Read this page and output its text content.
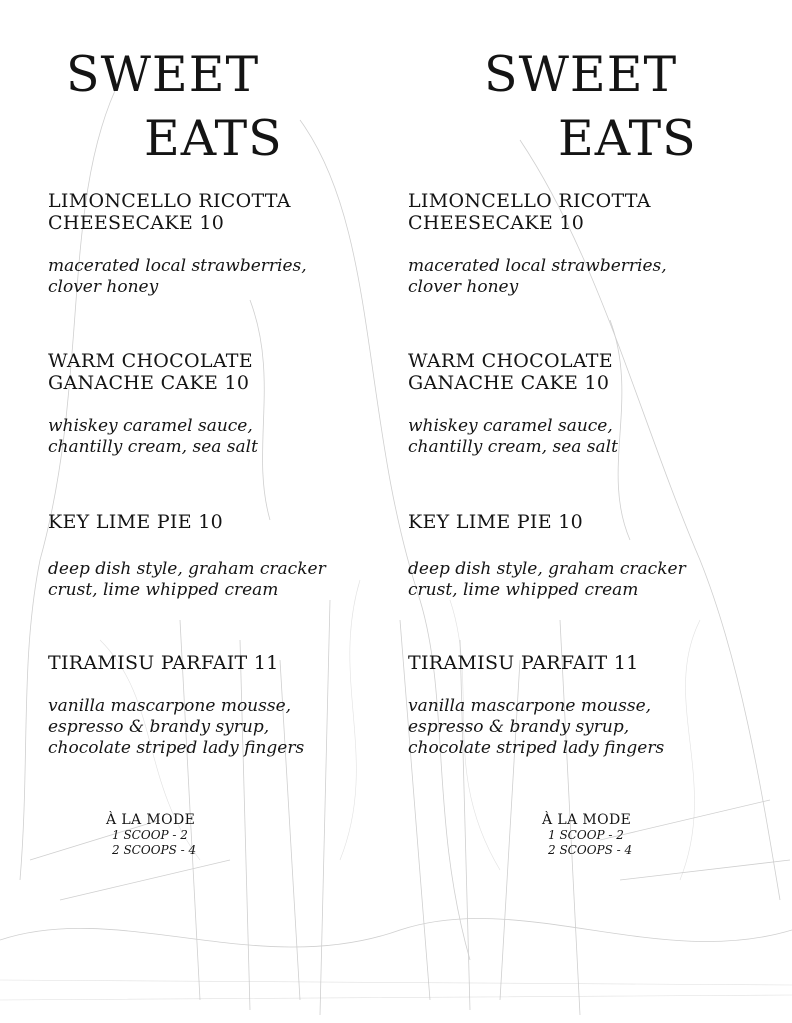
SWEET
EATS

LIMONCELLO RICOTTA
CHEESECAKE 10

macerated local strawberries,
clover honey

WARM CHOCOLATE
GANACHE CAKE 10

whiskey caramel sauce,
chantilly cream, sea salt

KEY LIME PIE 10

deep dish style, graham cracker
crust, lime whipped cream

TIRAMISU PARFAIT 11

vanilla mascarpone mousse,
espresso & brandy syrup,
chocolate striped lady fingers

À LA MODE
1 SCOOP - 2
2 SCOOPS - 4
SWEET
EATS

LIMONCELLO RICOTTA
CHEESECAKE 10

macerated local strawberries,
clover honey

WARM CHOCOLATE
GANACHE CAKE 10

whiskey caramel sauce,
chantilly cream, sea salt

KEY LIME PIE 10

deep dish style, graham cracker
crust, lime whipped cream

TIRAMISU PARFAIT 11

vanilla mascarpone mousse,
espresso & brandy syrup,
chocolate striped lady fingers

À LA MODE
1 SCOOP - 2
2 SCOOPS - 4
